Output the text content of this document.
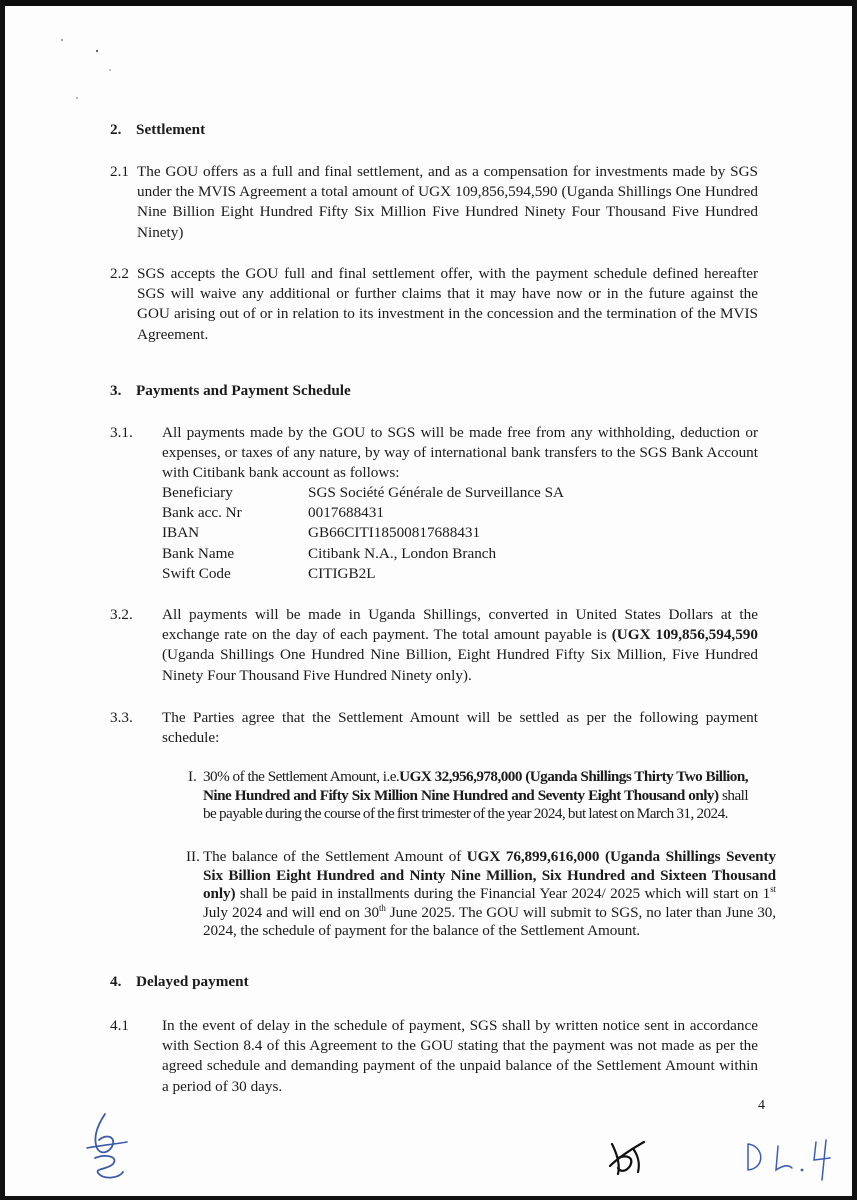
2. Settlement
2.1 The GOU offers as a full and final settlement, and as a compensation for investments made by SGS under the MVIS Agreement a total amount of UGX 109,856,594,590 (Uganda Shillings One Hundred Nine Billion Eight Hundred Fifty Six Million Five Hundred Ninety Four Thousand Five Hundred Ninety)
2.2 SGS accepts the GOU full and final settlement offer, with the payment schedule defined hereafter SGS will waive any additional or further claims that it may have now or in the future against the GOU arising out of or in relation to its investment in the concession and the termination of the MVIS Agreement.
3. Payments and Payment Schedule
3.1. All payments made by the GOU to SGS will be made free from any withholding, deduction or expenses, or taxes of any nature, by way of international bank transfers to the SGS Bank Account with Citibank bank account as follows:
Beneficiary	SGS Société Générale de Surveillance SA
Bank acc. Nr	0017688431
IBAN	GB66CITI18500817688431
Bank Name	Citibank N.A., London Branch
Swift Code	CITIGB2L
3.2. All payments will be made in Uganda Shillings, converted in United States Dollars at the exchange rate on the day of each payment. The total amount payable is (UGX 109,856,594,590 (Uganda Shillings One Hundred Nine Billion, Eight Hundred Fifty Six Million, Five Hundred Ninety Four Thousand Five Hundred Ninety only).
3.3. The Parties agree that the Settlement Amount will be settled as per the following payment schedule:
I. 30% of the Settlement Amount, i.e.UGX 32,956,978,000 (Uganda Shillings Thirty Two Billion, Nine Hundred and Fifty Six Million Nine Hundred and Seventy Eight Thousand only) shall be payable during the course of the first trimester of the year 2024, but latest on March 31, 2024.
II. The balance of the Settlement Amount of UGX 76,899,616,000 (Uganda Shillings Seventy Six Billion Eight Hundred and Ninty Nine Million, Six Hundred and Sixteen Thousand only) shall be paid in installments during the Financial Year 2024/ 2025 which will start on 1st July 2024 and will end on 30th June 2025. The GOU will submit to SGS, no later than June 30, 2024, the schedule of payment for the balance of the Settlement Amount.
4. Delayed payment
4.1 In the event of delay in the schedule of payment, SGS shall by written notice sent in accordance with Section 8.4 of this Agreement to the GOU stating that the payment was not made as per the agreed schedule and demanding payment of the unpaid balance of the Settlement Amount within a period of 30 days.
4
